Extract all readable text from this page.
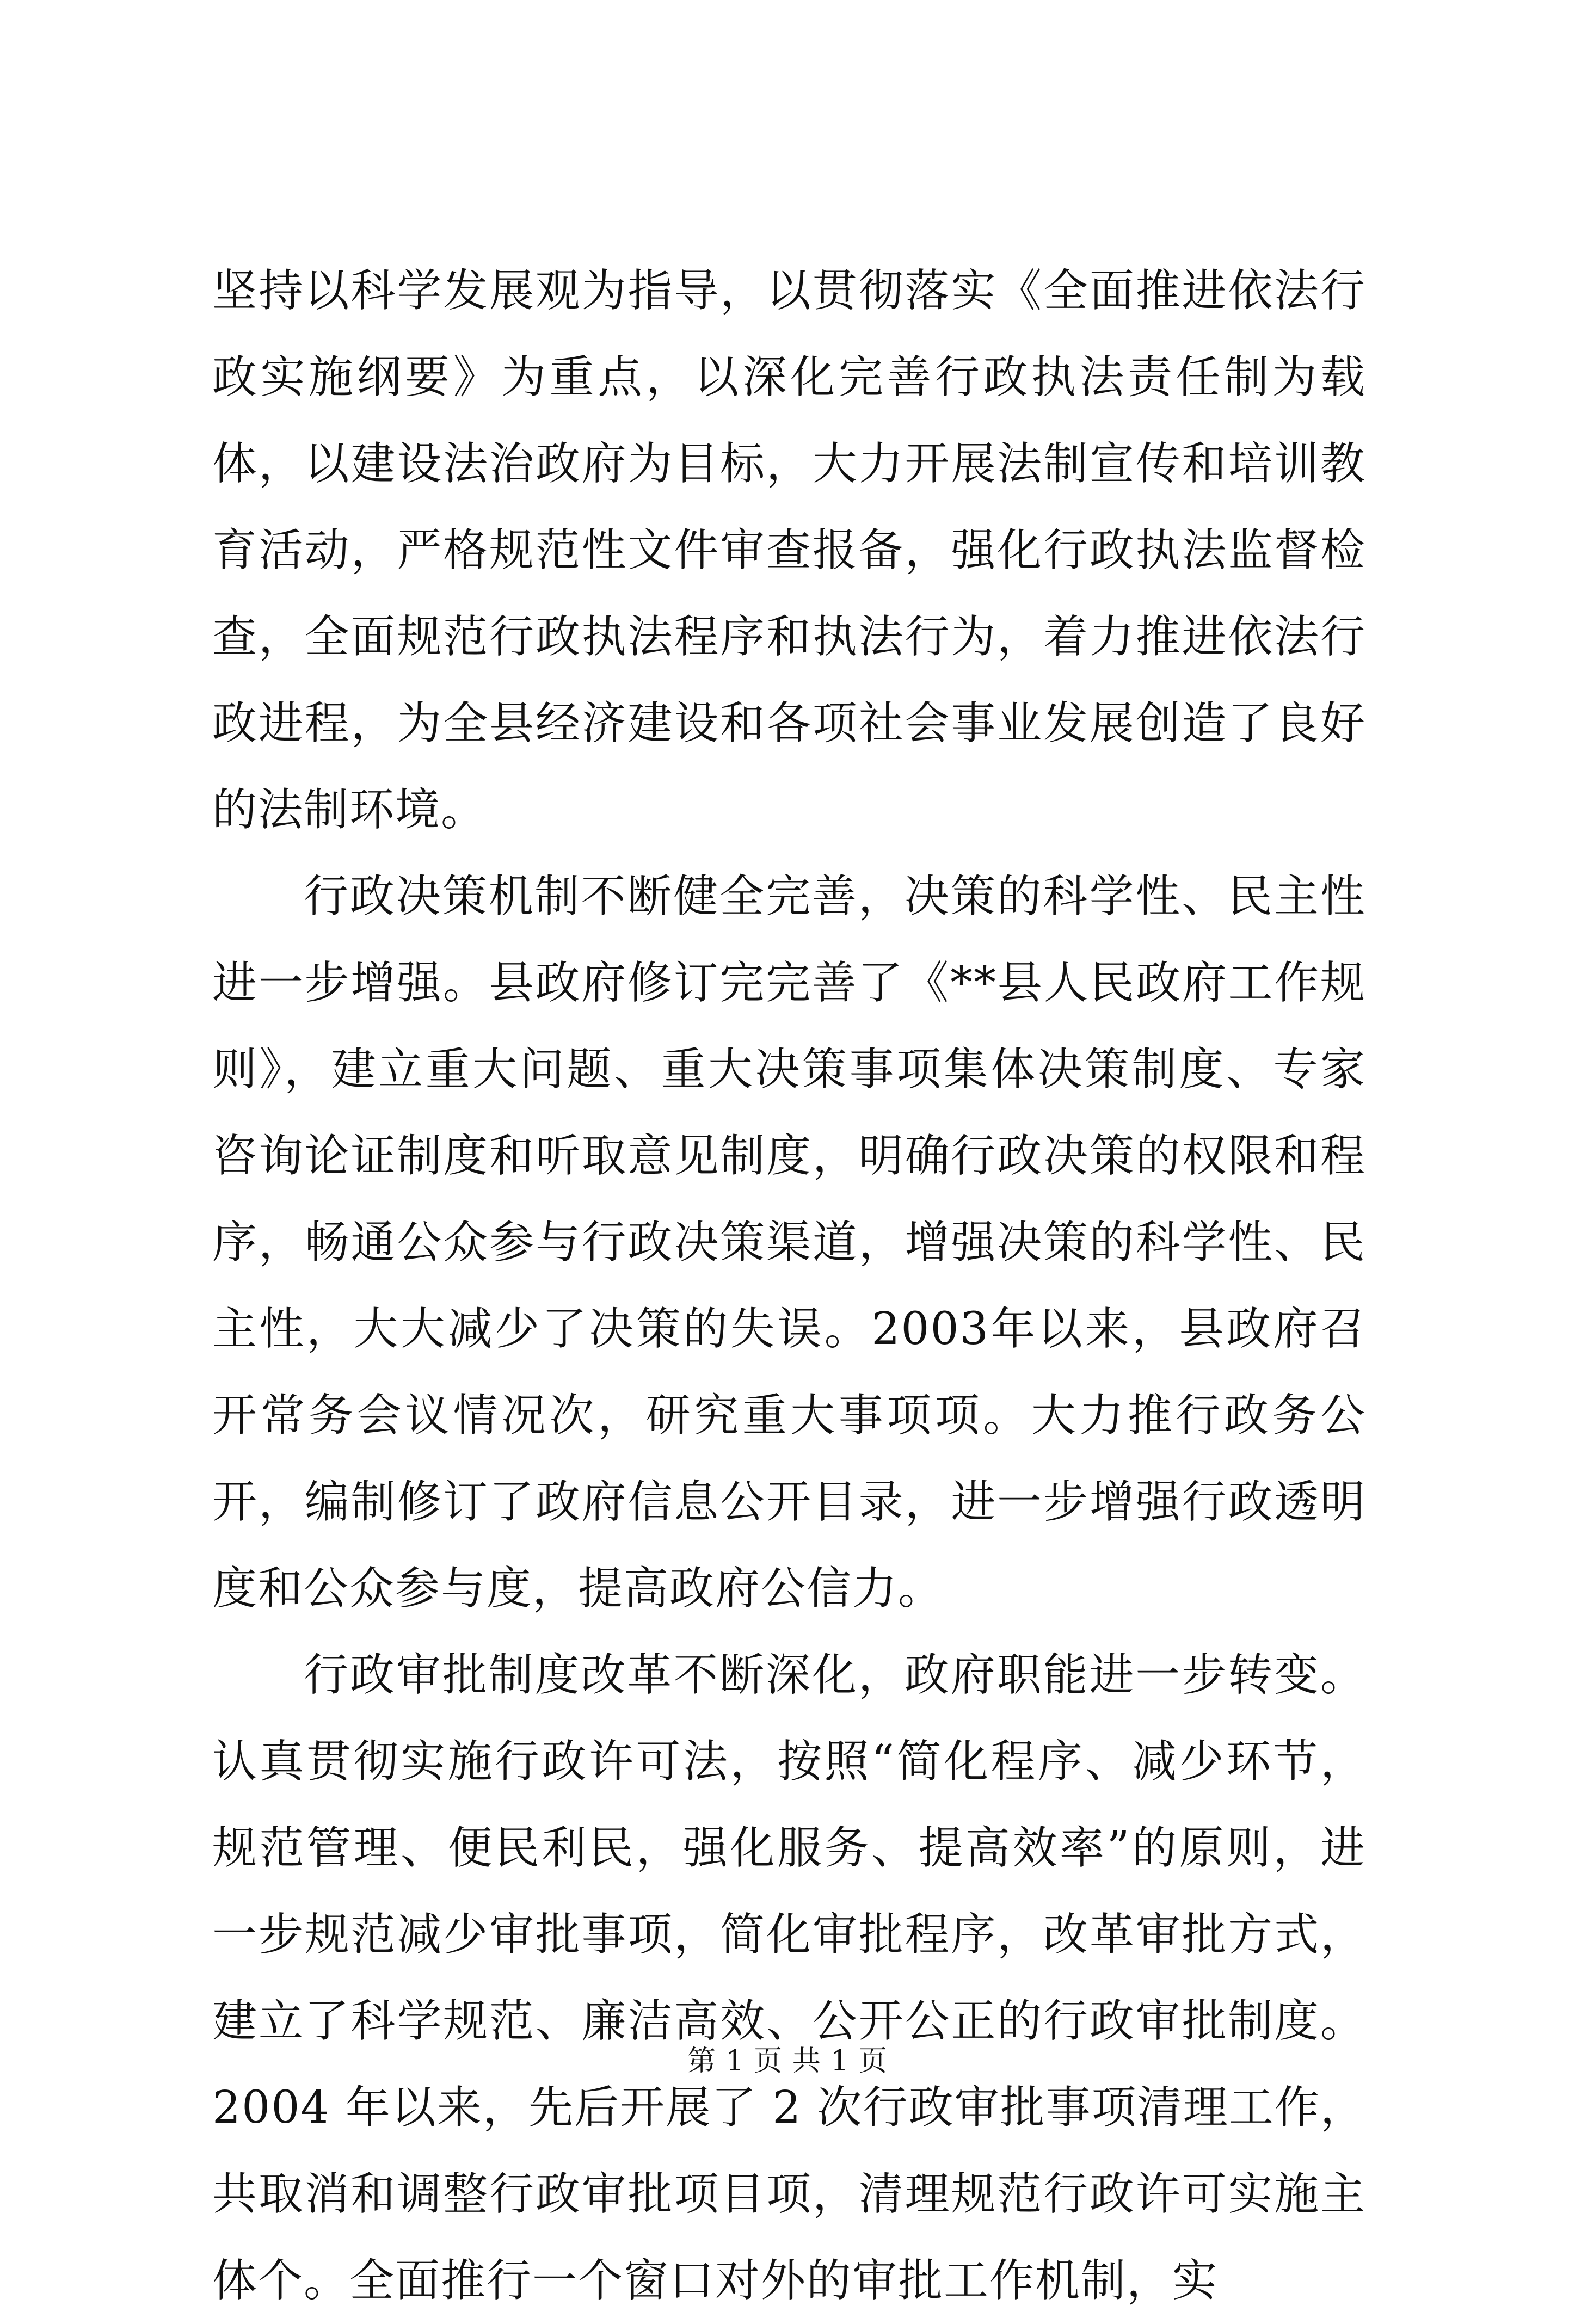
坚持以科学发展观为指导，以贯彻落实《全面推进依法行政实施纲要》为重点，以深化完善行政执法责任制为载体，以建设法治政府为目标，大力开展法制宣传和培训教育活动，严格规范性文件审查报备，强化行政执法监督检查，全面规范行政执法程序和执法行为，着力推进依法行政进程，为全县经济建设和各项社会事业发展创造了良好的法制环境。

行政决策机制不断健全完善，决策的科学性、民主性进一步增强。县政府修订完完善了《**县人民政府工作规则》，建立重大问题、重大决策事项集体决策制度、专家咨询论证制度和听取意见制度，明确行政决策的权限和程序，畅通公众参与行政决策渠道，增强决策的科学性、民主性，大大减少了决策的失误。2003年以来，县政府召开常务会议情况次，研究重大事项项。大力推行政务公开，编制修订了政府信息公开目录，进一步增强行政透明度和公众参与度，提高政府公信力。

行政审批制度改革不断深化，政府职能进一步转变。认真贯彻实施行政许可法，按照“简化程序、减少环节，规范管理、便民利民，强化服务、提高效率”的原则，进一步规范减少审批事项，简化审批程序，改革审批方式，建立了科学规范、廉洁高效、公开公正的行政审批制度。2004 年以来，先后开展了 2 次行政审批事项清理工作，共取消和调整行政审批项目项，清理规范行政许可实施主体个。全面推行一个窗口对外的审批工作机制，实

第 1 页 共 1 页
